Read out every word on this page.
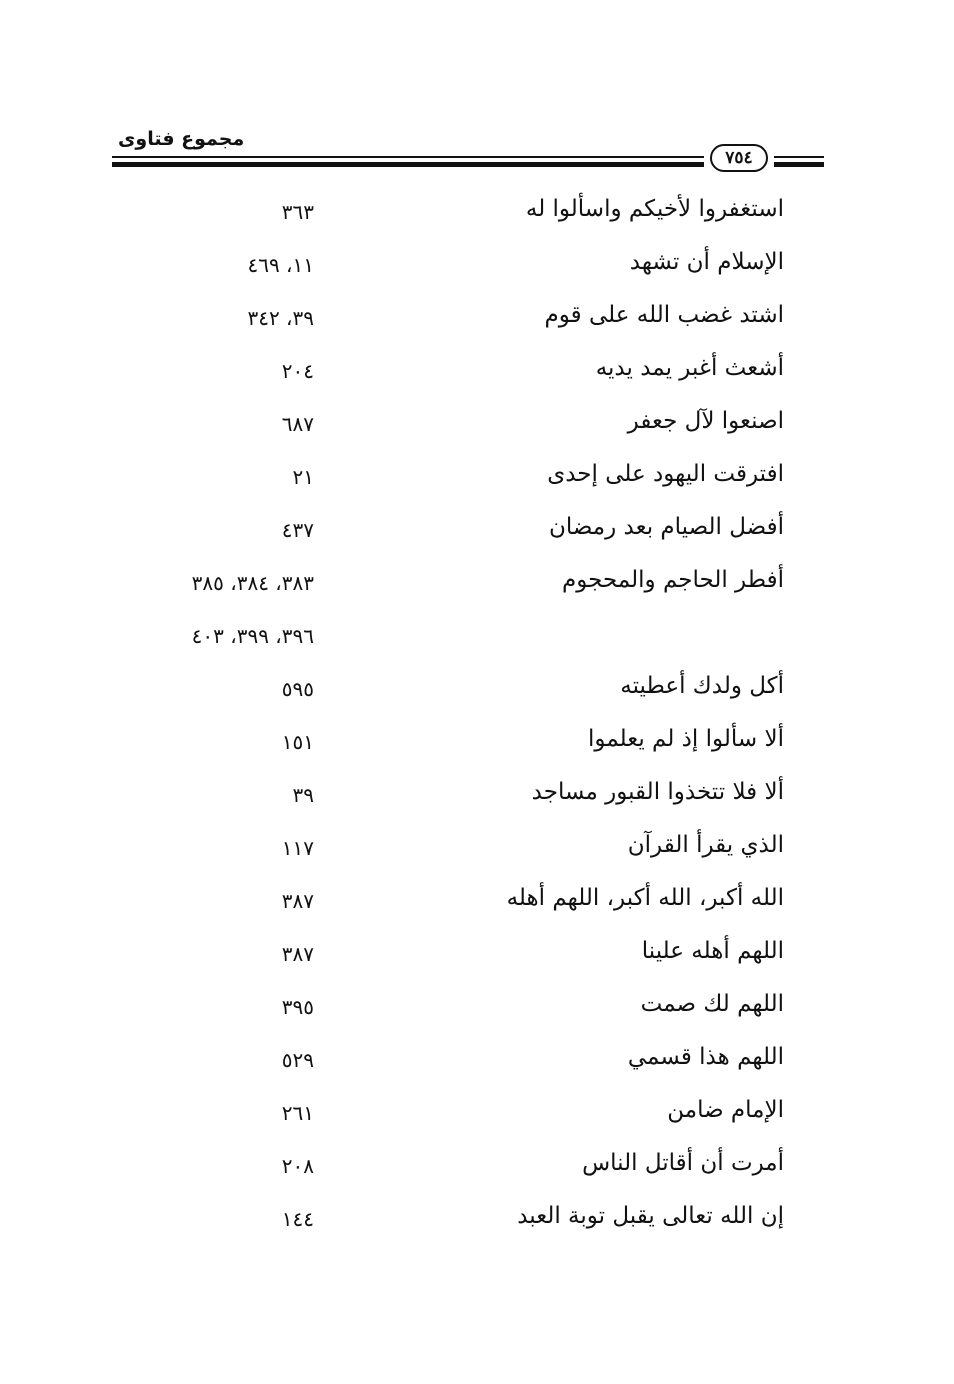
مجموع فتاوى
٧٥٤
استغفروا لأخيكم واسألوا له
٣٦٣
الإسلام أن تشهد
١١، ٤٦٩
اشتد غضب الله على قوم
٣٩، ٣٤٢
أشعث أغبر يمد يديه
٢٠٤
اصنعوا لآل جعفر
٦٨٧
افترقت اليهود على إحدى
٢١
أفضل الصيام بعد رمضان
٤٣٧
أفطر الحاجم والمحجوم
٣٨٣، ٣٨٤، ٣٨٥
٣٩٦، ٣٩٩، ٤٠٣
أكل ولدك أعطيته
٥٩٥
ألا سألوا إذ لم يعلموا
١٥١
ألا فلا تتخذوا القبور مساجد
٣٩
الذي يقرأ القرآن
١١٧
الله أكبر، الله أكبر، اللهم أهله
٣٨٧
اللهم أهله علينا
٣٨٧
اللهم لك صمت
٣٩٥
اللهم هذا قسمي
٥٢٩
الإمام ضامن
٢٦١
أمرت أن أقاتل الناس
٢٠٨
إن الله تعالى يقبل توبة العبد
١٤٤
